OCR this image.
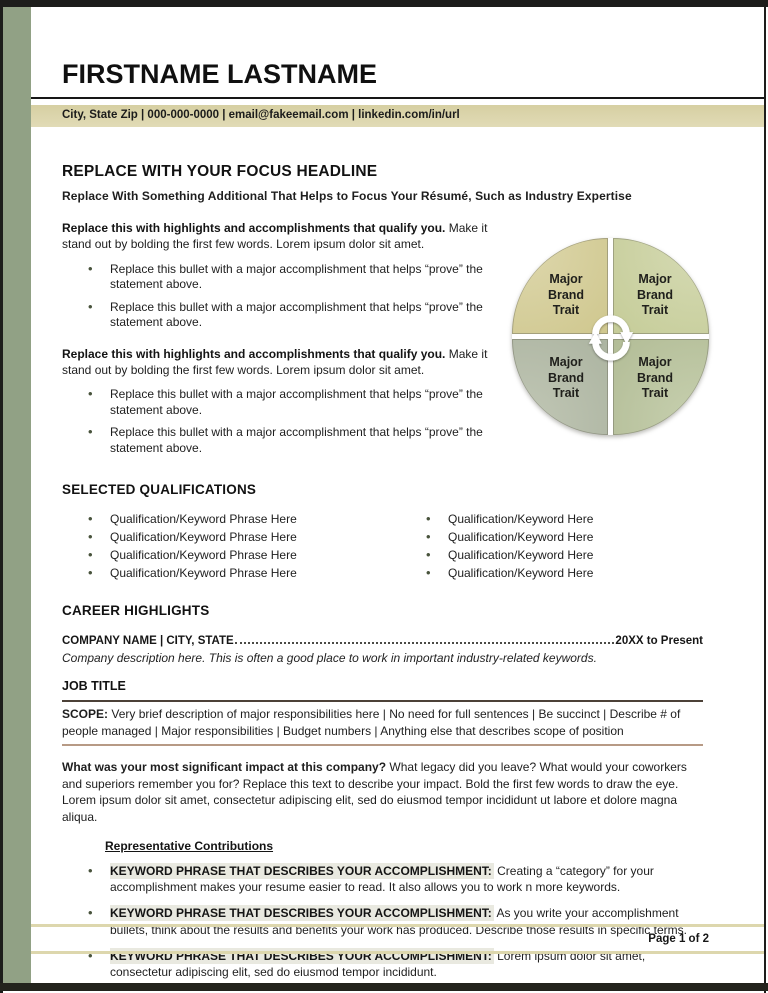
FIRSTNAME LASTNAME
City, State Zip | 000-000-0000 | email@fakeemail.com | linkedin.com/in/url
REPLACE WITH YOUR FOCUS HEADLINE
Replace With Something Additional That Helps to Focus Your Résumé, Such as Industry Expertise

Replace this with highlights and accomplishments that qualify you. Make it stand out by bolding the first few words. Lorem ipsum dolor sit amet.

• Replace this bullet with a major accomplishment that helps “prove” the statement above.
• Replace this bullet with a major accomplishment that helps “prove” the statement above.

Replace this with highlights and accomplishments that qualify you. Make it stand out by bolding the first few words. Lorem ipsum dolor sit amet.

• Replace this bullet with a major accomplishment that helps “prove” the statement above.
• Replace this bullet with a major accomplishment that helps “prove” the statement above.
Major Brand Trait
Major Brand Trait
Major Brand Trait
Major Brand Trait
SELECTED QUALIFICATIONS
• Qualification/Keyword Phrase Here
• Qualification/Keyword Phrase Here
• Qualification/Keyword Phrase Here
• Qualification/Keyword Phrase Here
• Qualification/Keyword Here
• Qualification/Keyword Here
• Qualification/Keyword Here
• Qualification/Keyword Here
CAREER HIGHLIGHTS
COMPANY NAME | CITY, STATE	20XX to Present
Company description here. This is often a good place to work in important industry-related keywords.
JOB TITLE
SCOPE: Very brief description of major responsibilities here | No need for full sentences | Be succinct | Describe # of people managed | Major responsibilities | Budget numbers | Anything else that describes scope of position

What was your most significant impact at this company? What legacy did you leave? What would your coworkers and superiors remember you for? Replace this text to describe your impact. Bold the first few words to draw the eye. Lorem ipsum dolor sit amet, consectetur adipiscing elit, sed do eiusmod tempor incididunt ut labore et dolore magna aliqua.

Representative Contributions
• KEYWORD PHRASE THAT DESCRIBES YOUR ACCOMPLISHMENT: Creating a “category” for your accomplishment makes your resume easier to read. It also allows you to work n more keywords.
• KEYWORD PHRASE THAT DESCRIBES YOUR ACCOMPLISHMENT: As you write your accomplishment bullets, think about the results and benefits your work has produced. Describe those results in specific terms.
• KEYWORD PHRASE THAT DESCRIBES YOUR ACCOMPLISHMENT: Lorem ipsum dolor sit amet, consectetur adipiscing elit, sed do eiusmod tempor incididunt.
Page 1 of 2
